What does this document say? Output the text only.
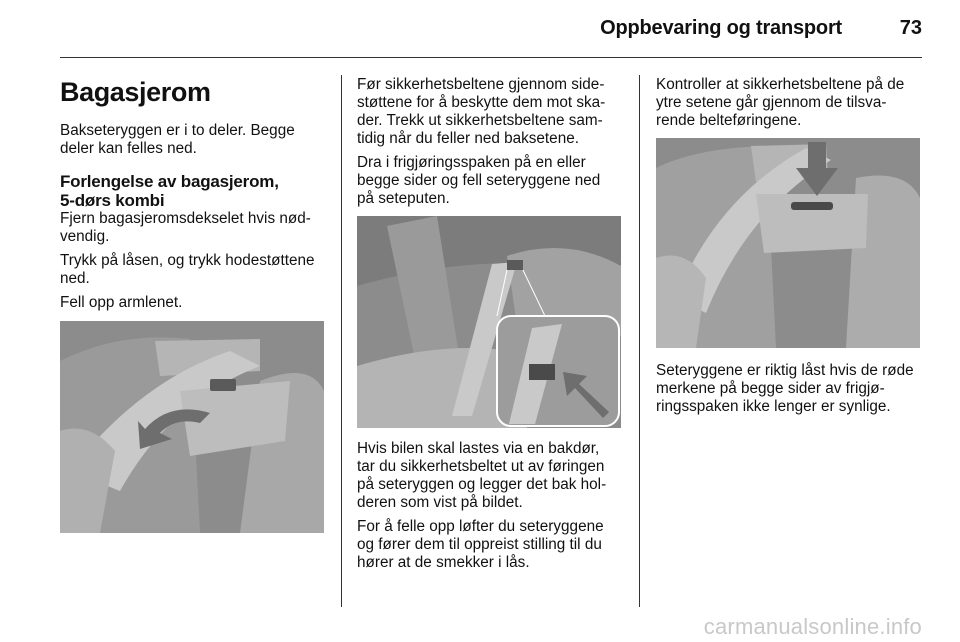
Oppbevaring og transport	73
Bagasjerom

Bakseteryggen er i to deler. Begge deler kan felles ned.

Forlengelse av bagasjerom,
5-dørs kombi

Fjern bagasjeromsdekselet hvis nød-vendig.

Trykk på låsen, og trykk hodestøttene ned.

Fell opp armlenet.

Før sikkerhetsbeltene gjennom side-støttene for å beskytte dem mot ska-der. Trekk ut sikkerhetsbeltene sam-tidig når du feller ned baksetene.

Dra i frigjøringsspaken på en eller begge sider og fell seteryggene ned på seteputen.

Hvis bilen skal lastes via en bakdør, tar du sikkerhetsbeltet ut av føringen på seteryggen og legger det bak hol-deren som vist på bildet.

For å felle opp løfter du seteryggene og fører dem til oppreist stilling til du hører at de smekker i lås.

Kontroller at sikkerhetsbeltene på de ytre setene går gjennom de tilsva-rende belteføringene.

Seteryggene er riktig låst hvis de røde merkene på begge sider av frigjø-ringsspaken ikke lenger er synlige.

carmanualsonline.info
